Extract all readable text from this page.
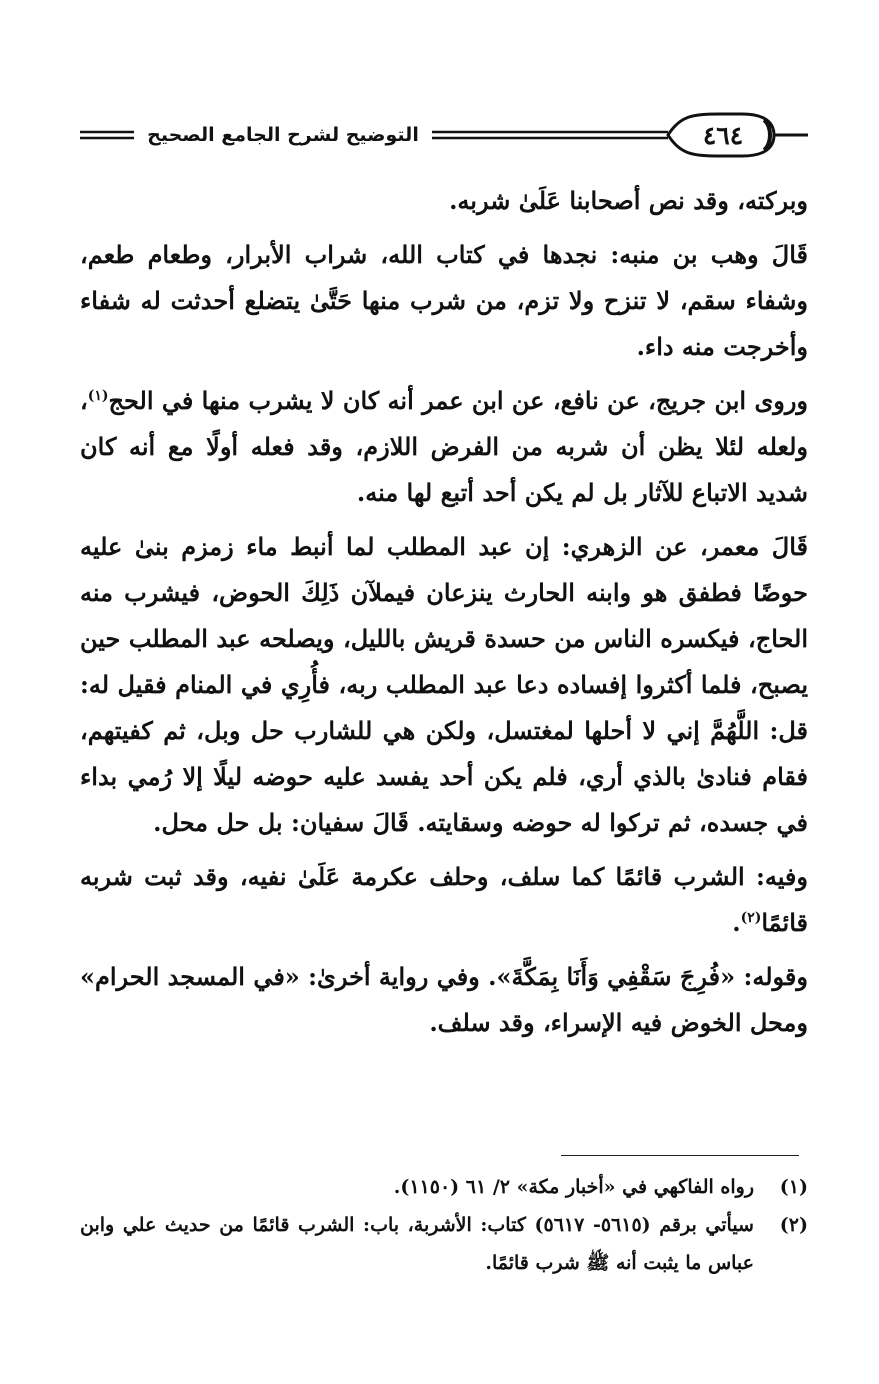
٤٦٤
التوضيح لشرح الجامع الصحيح

وبركته، وقد نص أصحابنا عَلَىٰ شربه.

قَالَ وهب بن منبه: نجدها في كتاب الله، شراب الأبرار، وطعام طعم، وشفاء سقم، لا تنزح ولا تزم، من شرب منها حَتَّىٰ يتضلع أحدثت له شفاء وأخرجت منه داء.

وروى ابن جريج، عن نافع، عن ابن عمر أنه كان لا يشرب منها في الحج$^{(١)}$، ولعله لئلا يظن أن شربه من الفرض اللازم، وقد فعله أولًا مع أنه كان شديد الاتباع للآثار بل لم يكن أحد أتبع لها منه.

قَالَ معمر، عن الزهري: إن عبد المطلب لما أنبط ماء زمزم بنىٰ عليه حوضًا فطفق هو وابنه الحارث ينزعان فيملآن ذَلِكَ الحوض، فيشرب منه الحاج، فيكسره الناس من حسدة قريش بالليل، ويصلحه عبد المطلب حين يصبح، فلما أكثروا إفساده دعا عبد المطلب ربه، فأُرِي في المنام فقيل له: قل: اللَّهُمَّ إني لا أحلها لمغتسل، ولكن هي للشارب حل وبل، ثم كفيتهم، فقام فنادىٰ بالذي أري، فلم يكن أحد يفسد عليه حوضه ليلًا إلا رُمي بداء في جسده، ثم تركوا له حوضه وسقايته. قَالَ سفيان: بل حل محل.

وفيه: الشرب قائمًا كما سلف، وحلف عكرمة عَلَىٰ نفيه، وقد ثبت شربه قائمًا$^{(٢)}$.

وقوله: «فُرِجَ سَقْفِي وَأَنَا بِمَكَّةَ». وفي رواية أخرىٰ: «في المسجد الحرام» ومحل الخوض فيه الإسراء، وقد سلف.

(١)
رواه الفاكهي في «أخبار مكة» ٢/ ٦١ (١١٥٠).
(٢)
سيأتي برقم (٥٦١٥- ٥٦١٧) كتاب: الأشربة، باب: الشرب قائمًا من حديث علي وابن عباس ما يثبت أنه ﷺ شرب قائمًا.
